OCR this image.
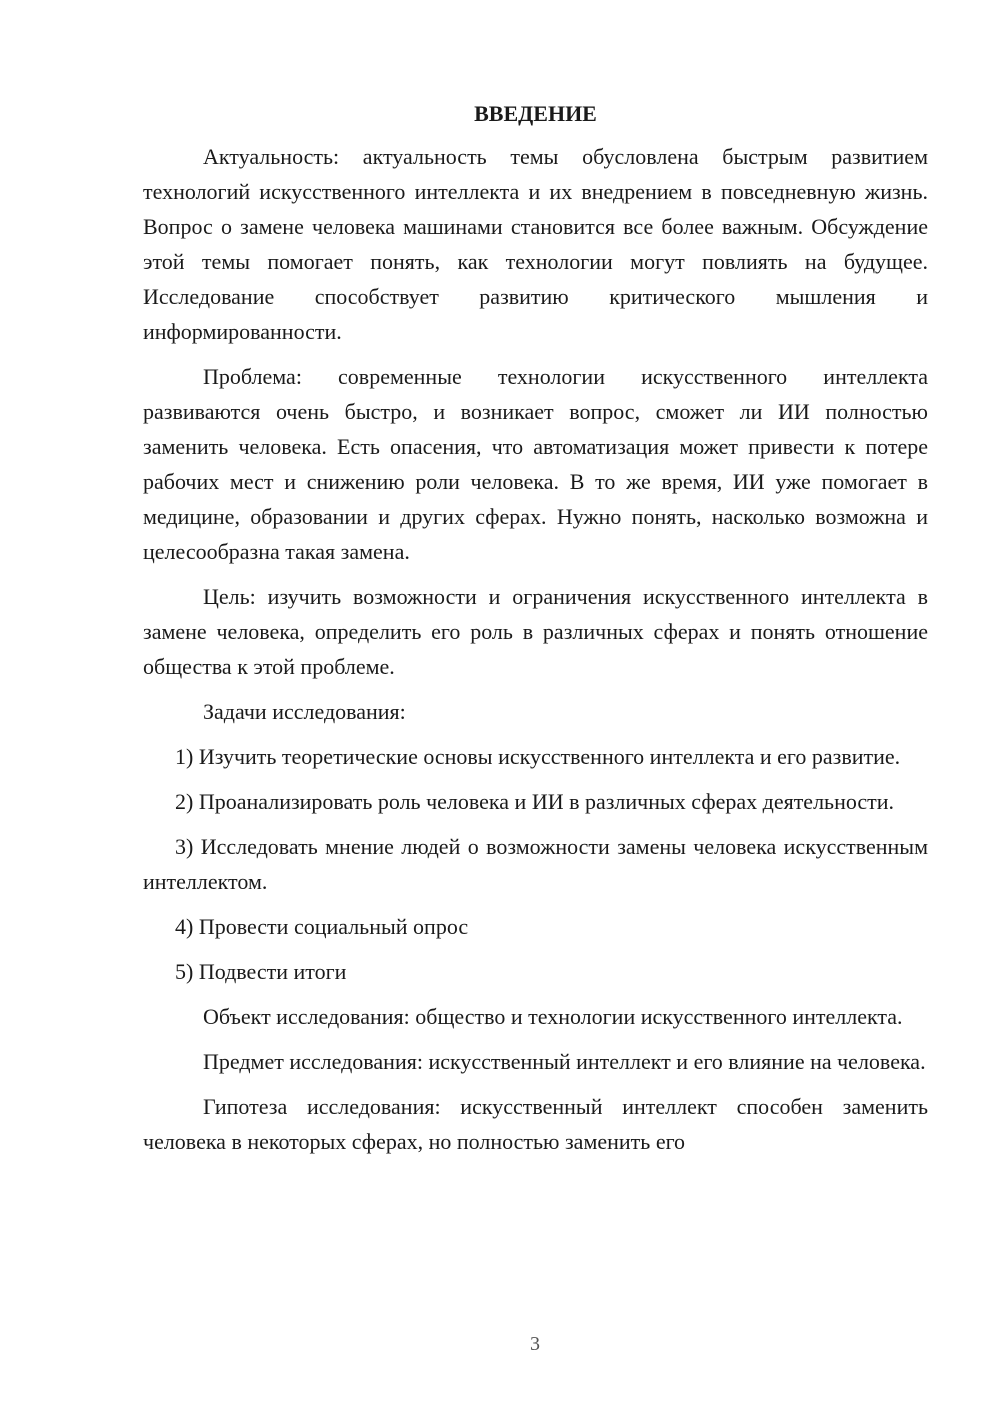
ВВЕДЕНИЕ

Актуальность: актуальность темы обусловлена быстрым развитием технологий искусственного интеллекта и их внедрением в повседневную жизнь. Вопрос о замене человека машинами становится все более важным. Обсуждение этой темы помогает понять, как технологии могут повлиять на будущее. Исследование способствует развитию критического мышления и информированности.

Проблема: современные технологии искусственного интеллекта развиваются очень быстро, и возникает вопрос, сможет ли ИИ полностью заменить человека. Есть опасения, что автоматизация может привести к потере рабочих мест и снижению роли человека. В то же время, ИИ уже помогает в медицине, образовании и других сферах. Нужно понять, насколько возможна и целесообразна такая замена.

Цель: изучить возможности и ограничения искусственного интеллекта в замене человека, определить его роль в различных сферах и понять отношение общества к этой проблеме.

Задачи исследования:

1) Изучить теоретические основы искусственного интеллекта и его развитие.

2) Проанализировать роль человека и ИИ в различных сферах деятельности.

3) Исследовать мнение людей о возможности замены человека искусственным интеллектом.

4) Провести социальный опрос

5) Подвести итоги

Объект исследования: общество и технологии искусственного интеллекта.

Предмет исследования: искусственный интеллект и его влияние на человека.

Гипотеза исследования: искусственный интеллект способен заменить человека в некоторых сферах, но полностью заменить его

3
